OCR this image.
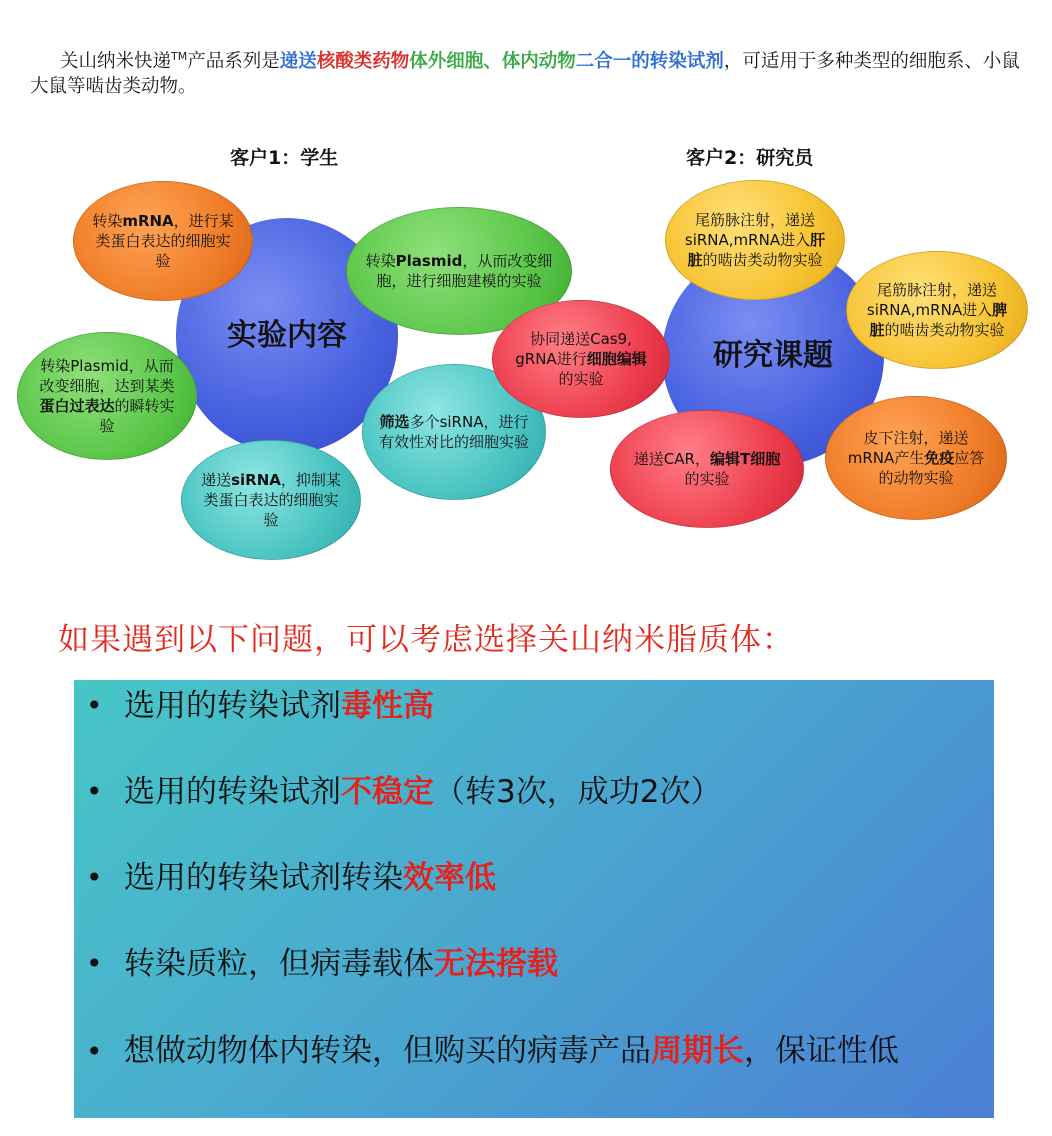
关山纳米快递™产品系列是递送核酸类药物体外细胞、体内动物二合一的转染试剂，可适用于多种类型的细胞系、小鼠大鼠等啮齿类动物。
客户1：学生	客户2：研究员
实验内容
研究课题
转染mRNA，进行某类蛋白表达的细胞实验	转染Plasmid，从而改变细胞，进行细胞建模的实验
转染Plasmid，从而改变细胞，达到某类蛋白过表达的瞬转实验
递送siRNA，抑制某类蛋白表达的细胞实验
筛选多个siRNA，进行有效性对比的细胞实验
协同递送Cas9, gRNA进行细胞编辑的实验
尾筋脉注射，递送siRNA,mRNA进入肝脏的啮齿类动物实验
尾筋脉注射，递送siRNA,mRNA进入脾脏的啮齿类动物实验
递送CAR，编辑T细胞的实验
皮下注射，递送mRNA产生免疫应答的动物实验
如果遇到以下问题，可以考虑选择关山纳米脂质体：
• 选用的转染试剂毒性高
• 选用的转染试剂不稳定（转3次，成功2次）
• 选用的转染试剂转染效率低
• 转染质粒，但病毒载体无法搭载
• 想做动物体内转染，但购买的病毒产品周期长，保证性低
